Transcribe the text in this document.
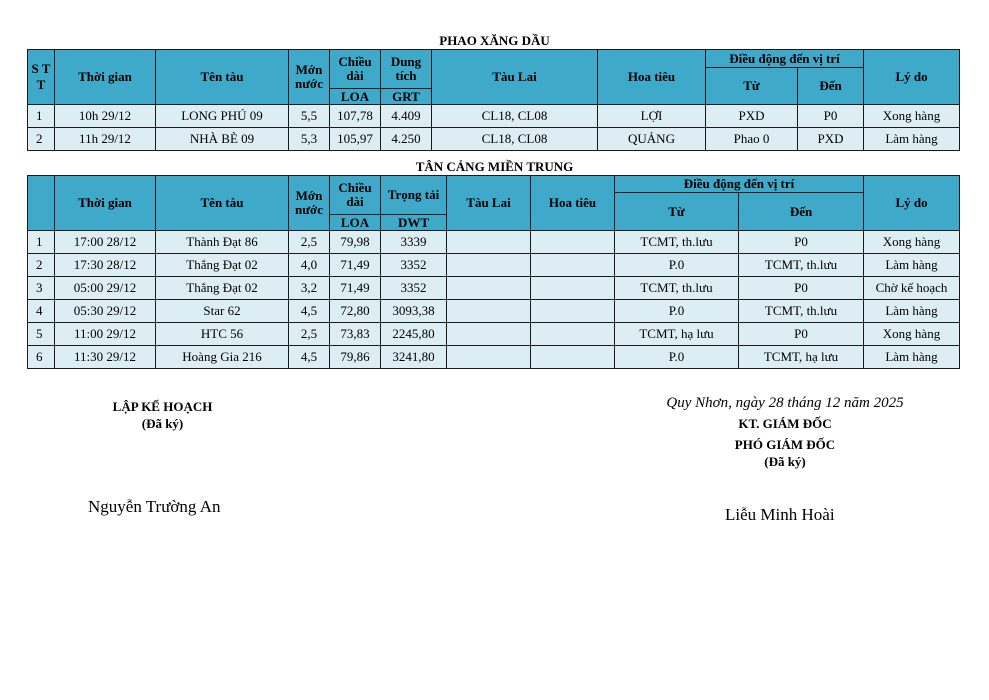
PHAO XĂNG DẦU
S T T	Thời gian	Tên tàu	Mớn nước	Chiều dài	Dung tích	Tàu Lai	Hoa tiêu	Điều động đến vị trí		Lý do
								Từ	Đến	
				LOA	GRT					
1	10h 29/12	LONG PHÚ 09	5,5	107,78	4.409	CL18, CL08	LỢI	PXD	P0	Xong hàng
2	11h 29/12	NHÀ BÈ 09	5,3	105,97	4.250	CL18, CL08	QUẢNG	Phao 0	PXD	Làm hàng
TÂN CẢNG MIỀN TRUNG
	Thời gian	Tên tàu	Mớn nước	Chiều dài	Trọng tải	Tàu Lai	Hoa tiêu	Điều động đến vị trí		Lý do
								Từ	Đến	
				LOA	DWT					
1	17:00 28/12	Thành Đạt 86	2,5	79,98	3339			TCMT, th.lưu	P0	Xong hàng
2	17:30 28/12	Thắng Đạt 02	4,0	71,49	3352			P.0	TCMT, th.lưu	Làm hàng
3	05:00 29/12	Thắng Đạt 02	3,2	71,49	3352			TCMT, th.lưu	P0	Chờ kế hoạch
4	05:30 29/12	Star 62	4,5	72,80	3093,38			P.0	TCMT, th.lưu	Làm hàng
5	11:00 29/12	HTC 56	2,5	73,83	2245,80			TCMT, hạ lưu	P0	Xong hàng
6	11:30 29/12	Hoàng Gia 216	4,5	79,86	3241,80			P.0	TCMT, hạ lưu	Làm hàng
LẬP KẾ HOẠCH
(Đã ký)
Nguyễn Trường An
Quy Nhơn, ngày 28 tháng 12 năm 2025
KT. GIÁM ĐỐC
PHÓ GIÁM ĐỐC
(Đã ký)
Liễu Minh Hoài
